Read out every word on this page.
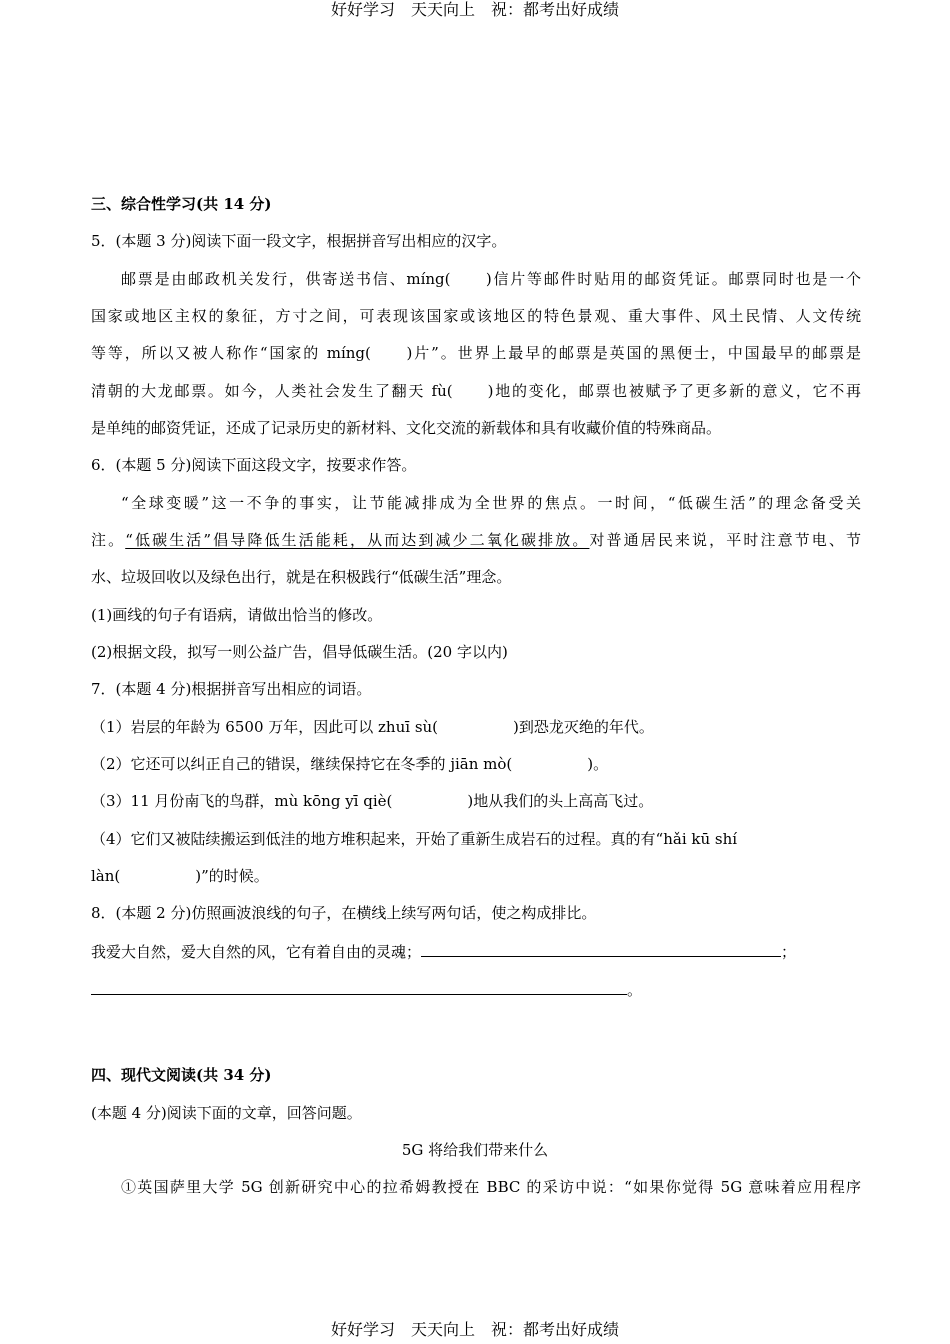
好好学习　天天向上　祝：都考出好成绩
三、综合性学习(共 14 分)
5．(本题 3 分)阅读下面一段文字，根据拼音写出相应的汉字。
邮票是由邮政机关发行，供寄送书信、míng(　　)信片等邮件时贴用的邮资凭证。邮票同时也是一个
国家或地区主权的象征，方寸之间，可表现该国家或该地区的特色景观、重大事件、风土民情、人文传统
等等，所以又被人称作“国家的 míng(　　)片”。世界上最早的邮票是英国的黑便士，中国最早的邮票是
清朝的大龙邮票。如今，人类社会发生了翻天 fù(　　)地的变化，邮票也被赋予了更多新的意义，它不再
是单纯的邮资凭证，还成了记录历史的新材料、文化交流的新载体和具有收藏价值的特殊商品。
6．(本题 5 分)阅读下面这段文字，按要求作答。
“全球变暖”这一不争的事实，让节能减排成为全世界的焦点。一时间，“低碳生活”的理念备受关
注。“低碳生活”倡导降低生活能耗，从而达到减少二氧化碳排放。对普通居民来说，平时注意节电、节
水、垃圾回收以及绿色出行，就是在积极践行“低碳生活”理念。
(1)画线的句子有语病，请做出恰当的修改。
(2)根据文段，拟写一则公益广告，倡导低碳生活。(20 字以内)
7．(本题 4 分)根据拼音写出相应的词语。
（1）岩层的年龄为 6500 万年，因此可以 zhuī sù(　　　　　)到恐龙灭绝的年代。
（2）它还可以纠正自己的错误，继续保持它在冬季的 jiān mò(　　　　　)。
（3）11 月份南飞的鸟群，mù kōng yī qiè(　　　　　)地从我们的头上高高飞过。
（4）它们又被陆续搬运到低洼的地方堆积起来，开始了重新生成岩石的过程。真的有“hǎi kū shí
làn(　　　　　)”的时候。
8．(本题 2 分)仿照画波浪线的句子，在横线上续写两句话，使之构成排比。
我爱大自然，爱大自然的风，它有着自由的灵魂；	；
。
四、现代文阅读(共 34 分)
(本题 4 分)阅读下面的文章，回答问题。
5G 将给我们带来什么
①英国萨里大学 5G 创新研究中心的拉希姆教授在 BBC 的采访中说：“如果你觉得 5G 意味着应用程序
好好学习　天天向上　祝：都考出好成绩
